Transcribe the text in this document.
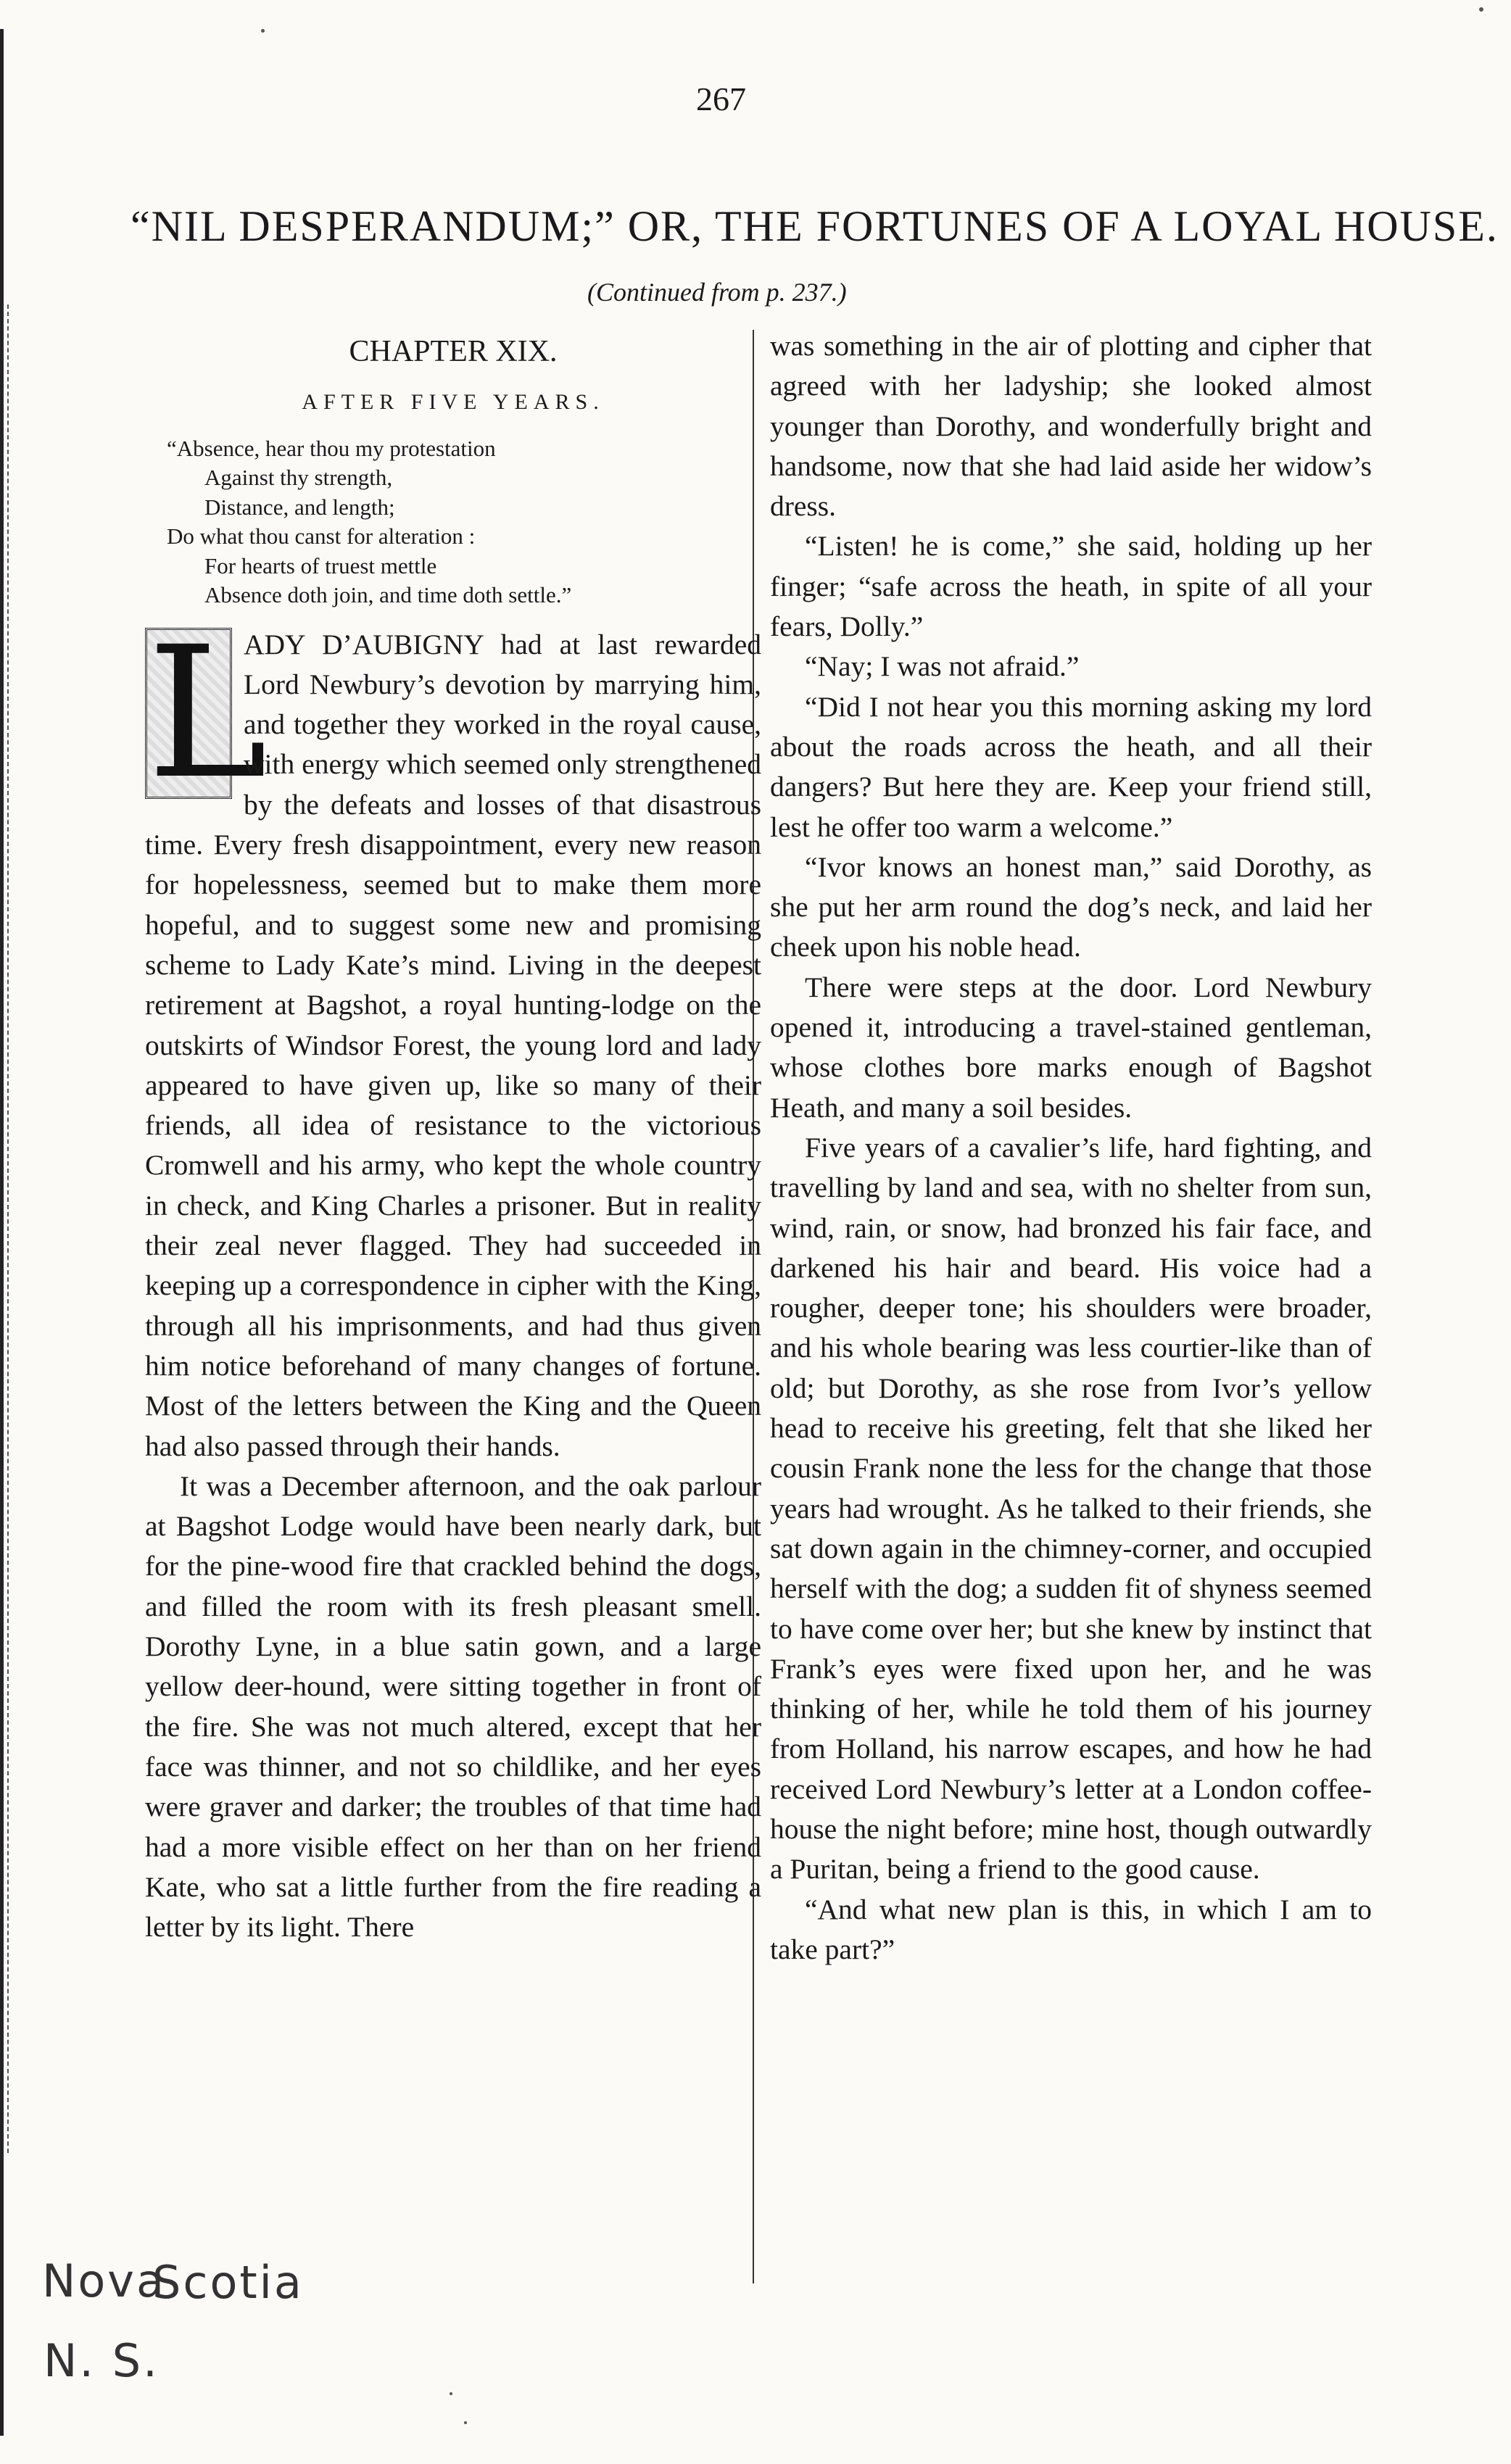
267
“NIL DESPERANDUM;” OR, THE FORTUNES OF A LOYAL HOUSE.
(Continued from p. 237.)
CHAPTER XIX.
AFTER FIVE YEARS.
“Absence, hear thou my protestation
Against thy strength,
Distance, and length;
Do what thou canst for alteration :
For hearts of truest mettle
Absence doth join, and time doth settle.”
L

ADY D’AUBIGNY had at last rewarded Lord Newbury’s devotion by marrying him, and together they worked in the royal cause, with energy which seemed only strengthened by the defeats and losses of that disastrous time. Every fresh disappointment, every new reason for hopelessness, seemed but to make them more hopeful, and to suggest some new and promising scheme to Lady Kate’s mind. Living in the deepest retirement at Bagshot, a royal hunting-lodge on the outskirts of Windsor Forest, the young lord and lady appeared to have given up, like so many of their friends, all idea of resistance to the victorious Cromwell and his army, who kept the whole country in check, and King Charles a prisoner. But in reality their zeal never flagged. They had succeeded in keeping up a correspondence in cipher with the King, through all his imprisonments, and had thus given him notice beforehand of many changes of fortune. Most of the letters between the King and the Queen had also passed through their hands.

It was a December afternoon, and the oak parlour at Bagshot Lodge would have been nearly dark, but for the pine-wood fire that crackled behind the dogs, and filled the room with its fresh pleasant smell. Dorothy Lyne, in a blue satin gown, and a large yellow deer-hound, were sitting together in front of the fire. She was not much altered, except that her face was thinner, and not so childlike, and her eyes were graver and darker; the troubles of that time had had a more visible effect on her than on her friend Kate, who sat a little further from the fire reading a letter by its light. There

was something in the air of plotting and cipher that agreed with her ladyship; she looked almost younger than Dorothy, and wonderfully bright and handsome, now that she had laid aside her widow’s dress.

“Listen! he is come,” she said, holding up her finger; “safe across the heath, in spite of all your fears, Dolly.”

“Nay; I was not afraid.”

“Did I not hear you this morning asking my lord about the roads across the heath, and all their dangers? But here they are. Keep your friend still, lest he offer too warm a welcome.”

“Ivor knows an honest man,” said Dorothy, as she put her arm round the dog’s neck, and laid her cheek upon his noble head.

There were steps at the door. Lord Newbury opened it, introducing a travel-stained gentleman, whose clothes bore marks enough of Bagshot Heath, and many a soil besides.

Five years of a cavalier’s life, hard fighting, and travelling by land and sea, with no shelter from sun, wind, rain, or snow, had bronzed his fair face, and darkened his hair and beard. His voice had a rougher, deeper tone; his shoulders were broader, and his whole bearing was less courtier-like than of old; but Dorothy, as she rose from Ivor’s yellow head to receive his greeting, felt that she liked her cousin Frank none the less for the change that those years had wrought. As he talked to their friends, she sat down again in the chimney-corner, and occupied herself with the dog; a sudden fit of shyness seemed to have come over her; but she knew by instinct that Frank’s eyes were fixed upon her, and he was thinking of her, while he told them of his journey from Holland, his narrow escapes, and how he had received Lord Newbury’s letter at a London coffee-house the night before; mine host, though outwardly a Puritan, being a friend to the good cause.

“And what new plan is this, in which I am to take part?”

Nova
Scotia
N. S.
